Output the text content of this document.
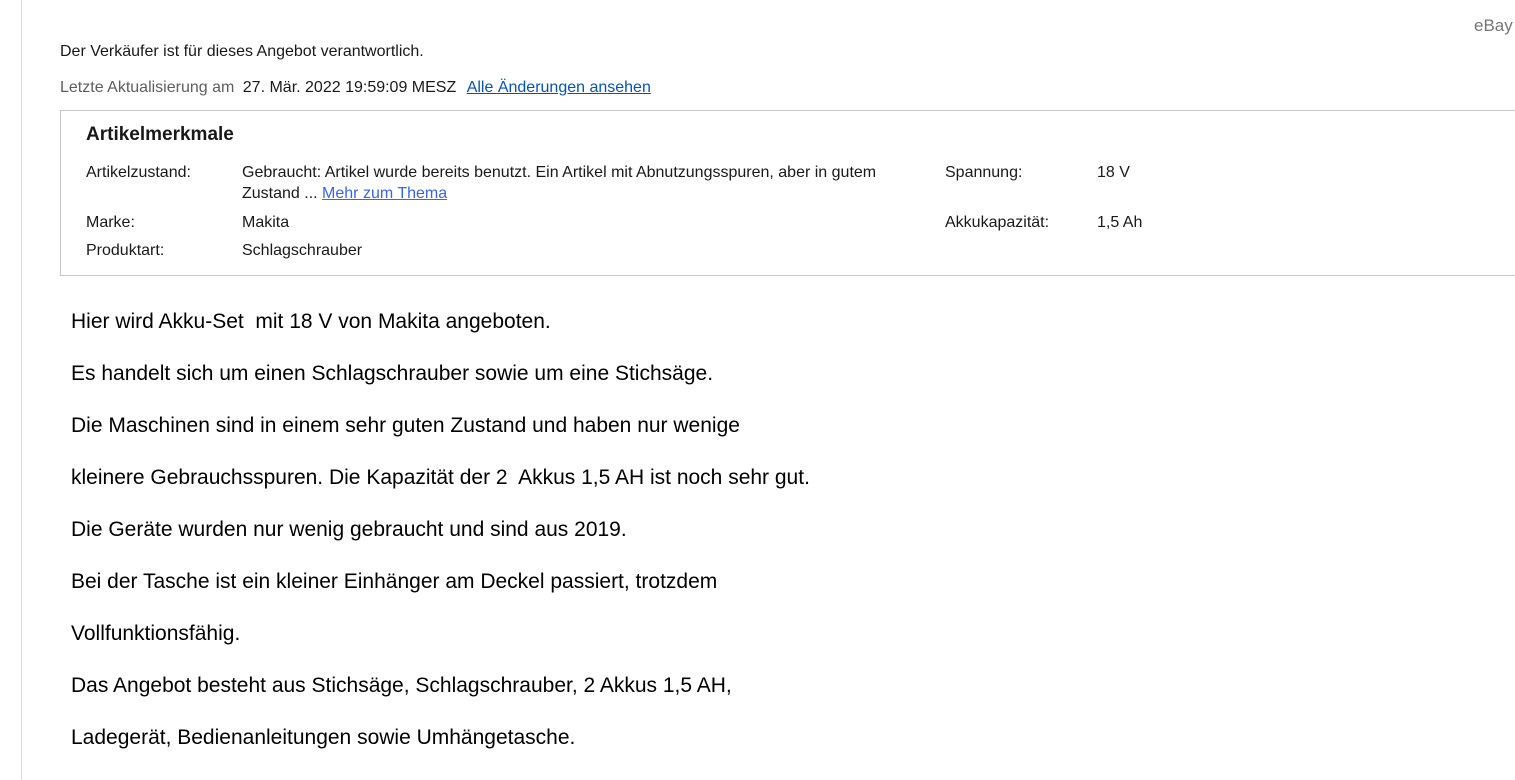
eBay
Der Verkäufer ist für dieses Angebot verantwortlich.
Letzte Aktualisierung am 27. Mär. 2022 19:59:09 MESZ Alle Änderungen ansehen
Artikelmerkmale
Artikelzustand:	Gebraucht: Artikel wurde bereits benutzt. Ein Artikel mit Abnutzungsspuren, aber in gutem Zustand ... Mehr zum Thema
Marke:	Makita
Produktart:	Schlagschrauber
Spannung:	18 V
Akkukapazität:	1,5 Ah
Hier wird Akku-Set  mit 18 V von Makita angeboten.
Es handelt sich um einen Schlagschrauber sowie um eine Stichsäge.
Die Maschinen sind in einem sehr guten Zustand und haben nur wenige
kleinere Gebrauchsspuren. Die Kapazität der 2  Akkus 1,5 AH ist noch sehr gut.
Die Geräte wurden nur wenig gebraucht und sind aus 2019.
Bei der Tasche ist ein kleiner Einhänger am Deckel passiert, trotzdem
Vollfunktionsfähig.
Das Angebot besteht aus Stichsäge, Schlagschrauber, 2 Akkus 1,5 AH,
Ladegerät, Bedienanleitungen sowie Umhängetasche.
